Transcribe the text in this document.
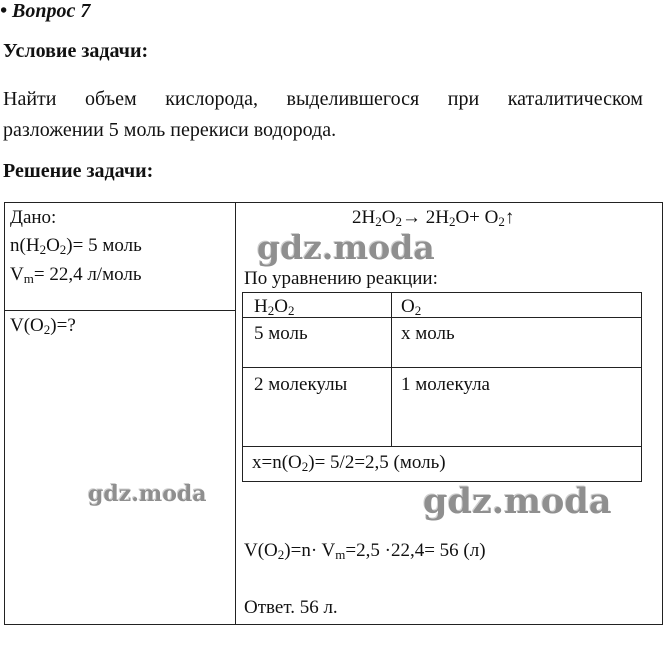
• Вопрос 7
Условие задачи:
Найти объем кислорода, выделившегося при каталитическом
разложении 5 моль перекиси водорода.
Решение задачи:
Дано:
$n(H_2O_2)= 5$ моль
$V_m= 22,4$ л/моль
$V(O_2)=$?
$2H_2O_2\to 2H_2O+$ $O_2↑$
По уравнению реакции:
$H_2O_2$	$O_2$
5 моль	x моль
2 молекулы	1 молекула
$x=n(O_2)= 5/2=2,5$ (моль)
$V(O_2)=n\cdot V_m=2,5 \cdot 22,4= 56$ (л)
Ответ. 56 л.
gdz.moda
gdz.moda	gdz.moda
